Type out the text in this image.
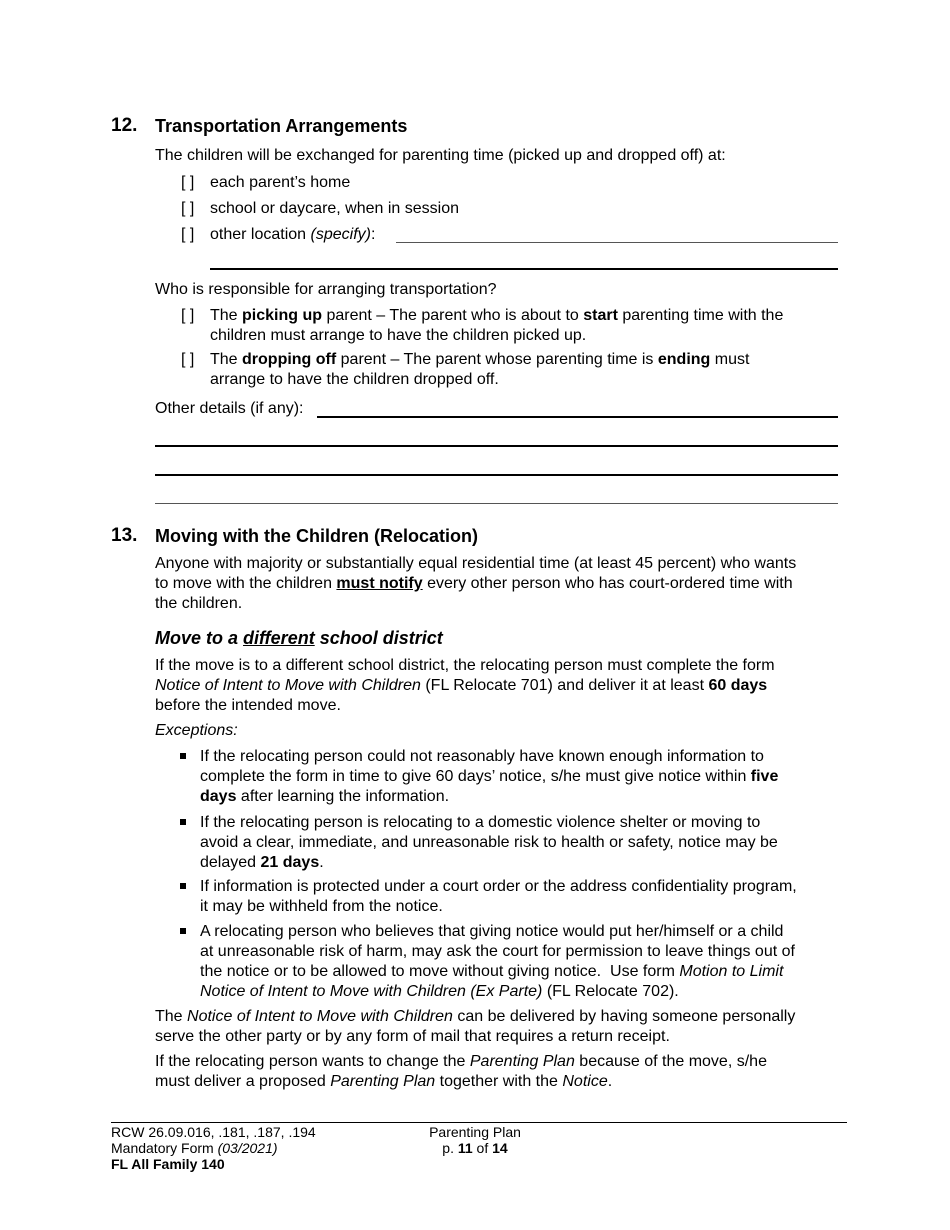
12. Transportation Arrangements
The children will be exchanged for parenting time (picked up and dropped off) at:
[ ] each parent’s home
[ ] school or daycare, when in session
[ ] other location (specify):
Who is responsible for arranging transportation?
[ ] The picking up parent – The parent who is about to start parenting time with the
children must arrange to have the children picked up.
[ ] The dropping off parent – The parent whose parenting time is ending must
arrange to have the children dropped off.
Other details (if any):
13. Moving with the Children (Relocation)
Anyone with majority or substantially equal residential time (at least 45 percent) who wants
to move with the children must notify every other person who has court-ordered time with
the children.
Move to a different school district
If the move is to a different school district, the relocating person must complete the form
Notice of Intent to Move with Children (FL Relocate 701) and deliver it at least 60 days
before the intended move.
Exceptions:
If the relocating person could not reasonably have known enough information to
complete the form in time to give 60 days’ notice, s/he must give notice within five
days after learning the information.
If the relocating person is relocating to a domestic violence shelter or moving to
avoid a clear, immediate, and unreasonable risk to health or safety, notice may be
delayed 21 days.
If information is protected under a court order or the address confidentiality program,
it may be withheld from the notice.
A relocating person who believes that giving notice would put her/himself or a child
at unreasonable risk of harm, may ask the court for permission to leave things out of
the notice or to be allowed to move without giving notice.  Use form Motion to Limit
Notice of Intent to Move with Children (Ex Parte) (FL Relocate 702).
The Notice of Intent to Move with Children can be delivered by having someone personally
serve the other party or by any form of mail that requires a return receipt.
If the relocating person wants to change the Parenting Plan because of the move, s/he
must deliver a proposed Parenting Plan together with the Notice.
RCW 26.09.016, .181, .187, .194
Mandatory Form (03/2021)
FL All Family 140
Parenting Plan
p. 11 of 14
